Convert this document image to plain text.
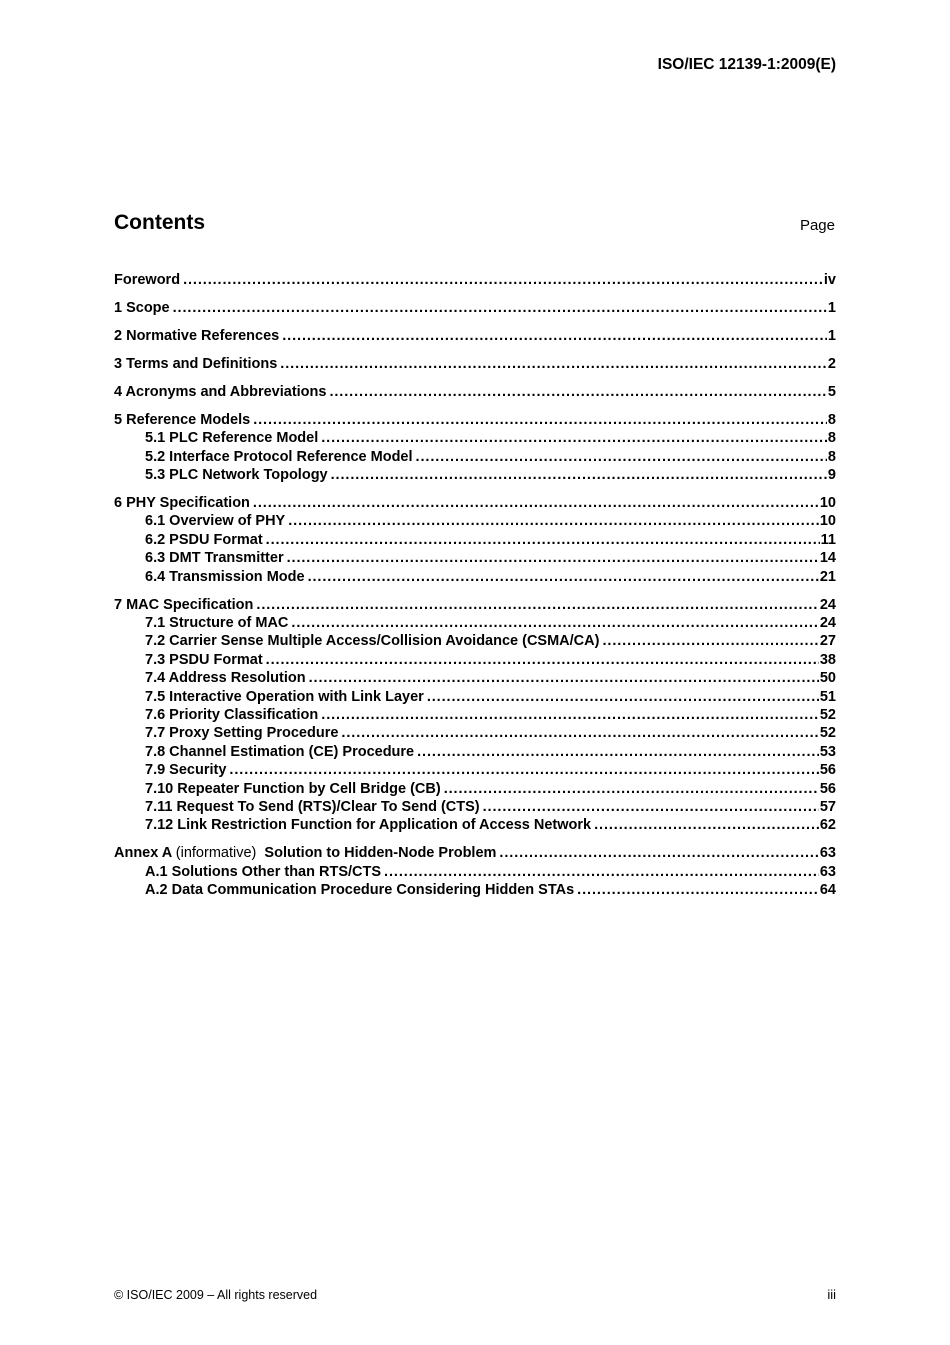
ISO/IEC 12139-1:2009(E)
Contents	Page
Foreword .....	iv
1 Scope .....	1
2 Normative References .....	1
3 Terms and Definitions .....	2
4 Acronyms and Abbreviations .....	5
5 Reference Models .....	8
5.1 PLC Reference Model .....	8
5.2 Interface Protocol Reference Model .....	8
5.3 PLC Network Topology .....	9
6 PHY Specification .....	10
6.1 Overview of PHY .....	10
6.2 PSDU Format .....	11
6.3 DMT Transmitter .....	14
6.4 Transmission Mode .....	21
7 MAC Specification .....	24
7.1 Structure of MAC .....	24
7.2 Carrier Sense Multiple Access/Collision Avoidance (CSMA/CA) .....	27
7.3 PSDU Format .....	38
7.4 Address Resolution .....	50
7.5 Interactive Operation with Link Layer .....	51
7.6 Priority Classification .....	52
7.7 Proxy Setting Procedure .....	52
7.8 Channel Estimation (CE) Procedure .....	53
7.9 Security .....	56
7.10 Repeater Function by Cell Bridge (CB) .....	56
7.11 Request To Send (RTS)/Clear To Send (CTS) .....	57
7.12 Link Restriction Function for Application of Access Network .....	62
Annex A (informative) Solution to Hidden-Node Problem .....	63
A.1 Solutions Other than RTS/CTS .....	63
A.2 Data Communication Procedure Considering Hidden STAs .....	64
© ISO/IEC 2009 – All rights reserved	iii
